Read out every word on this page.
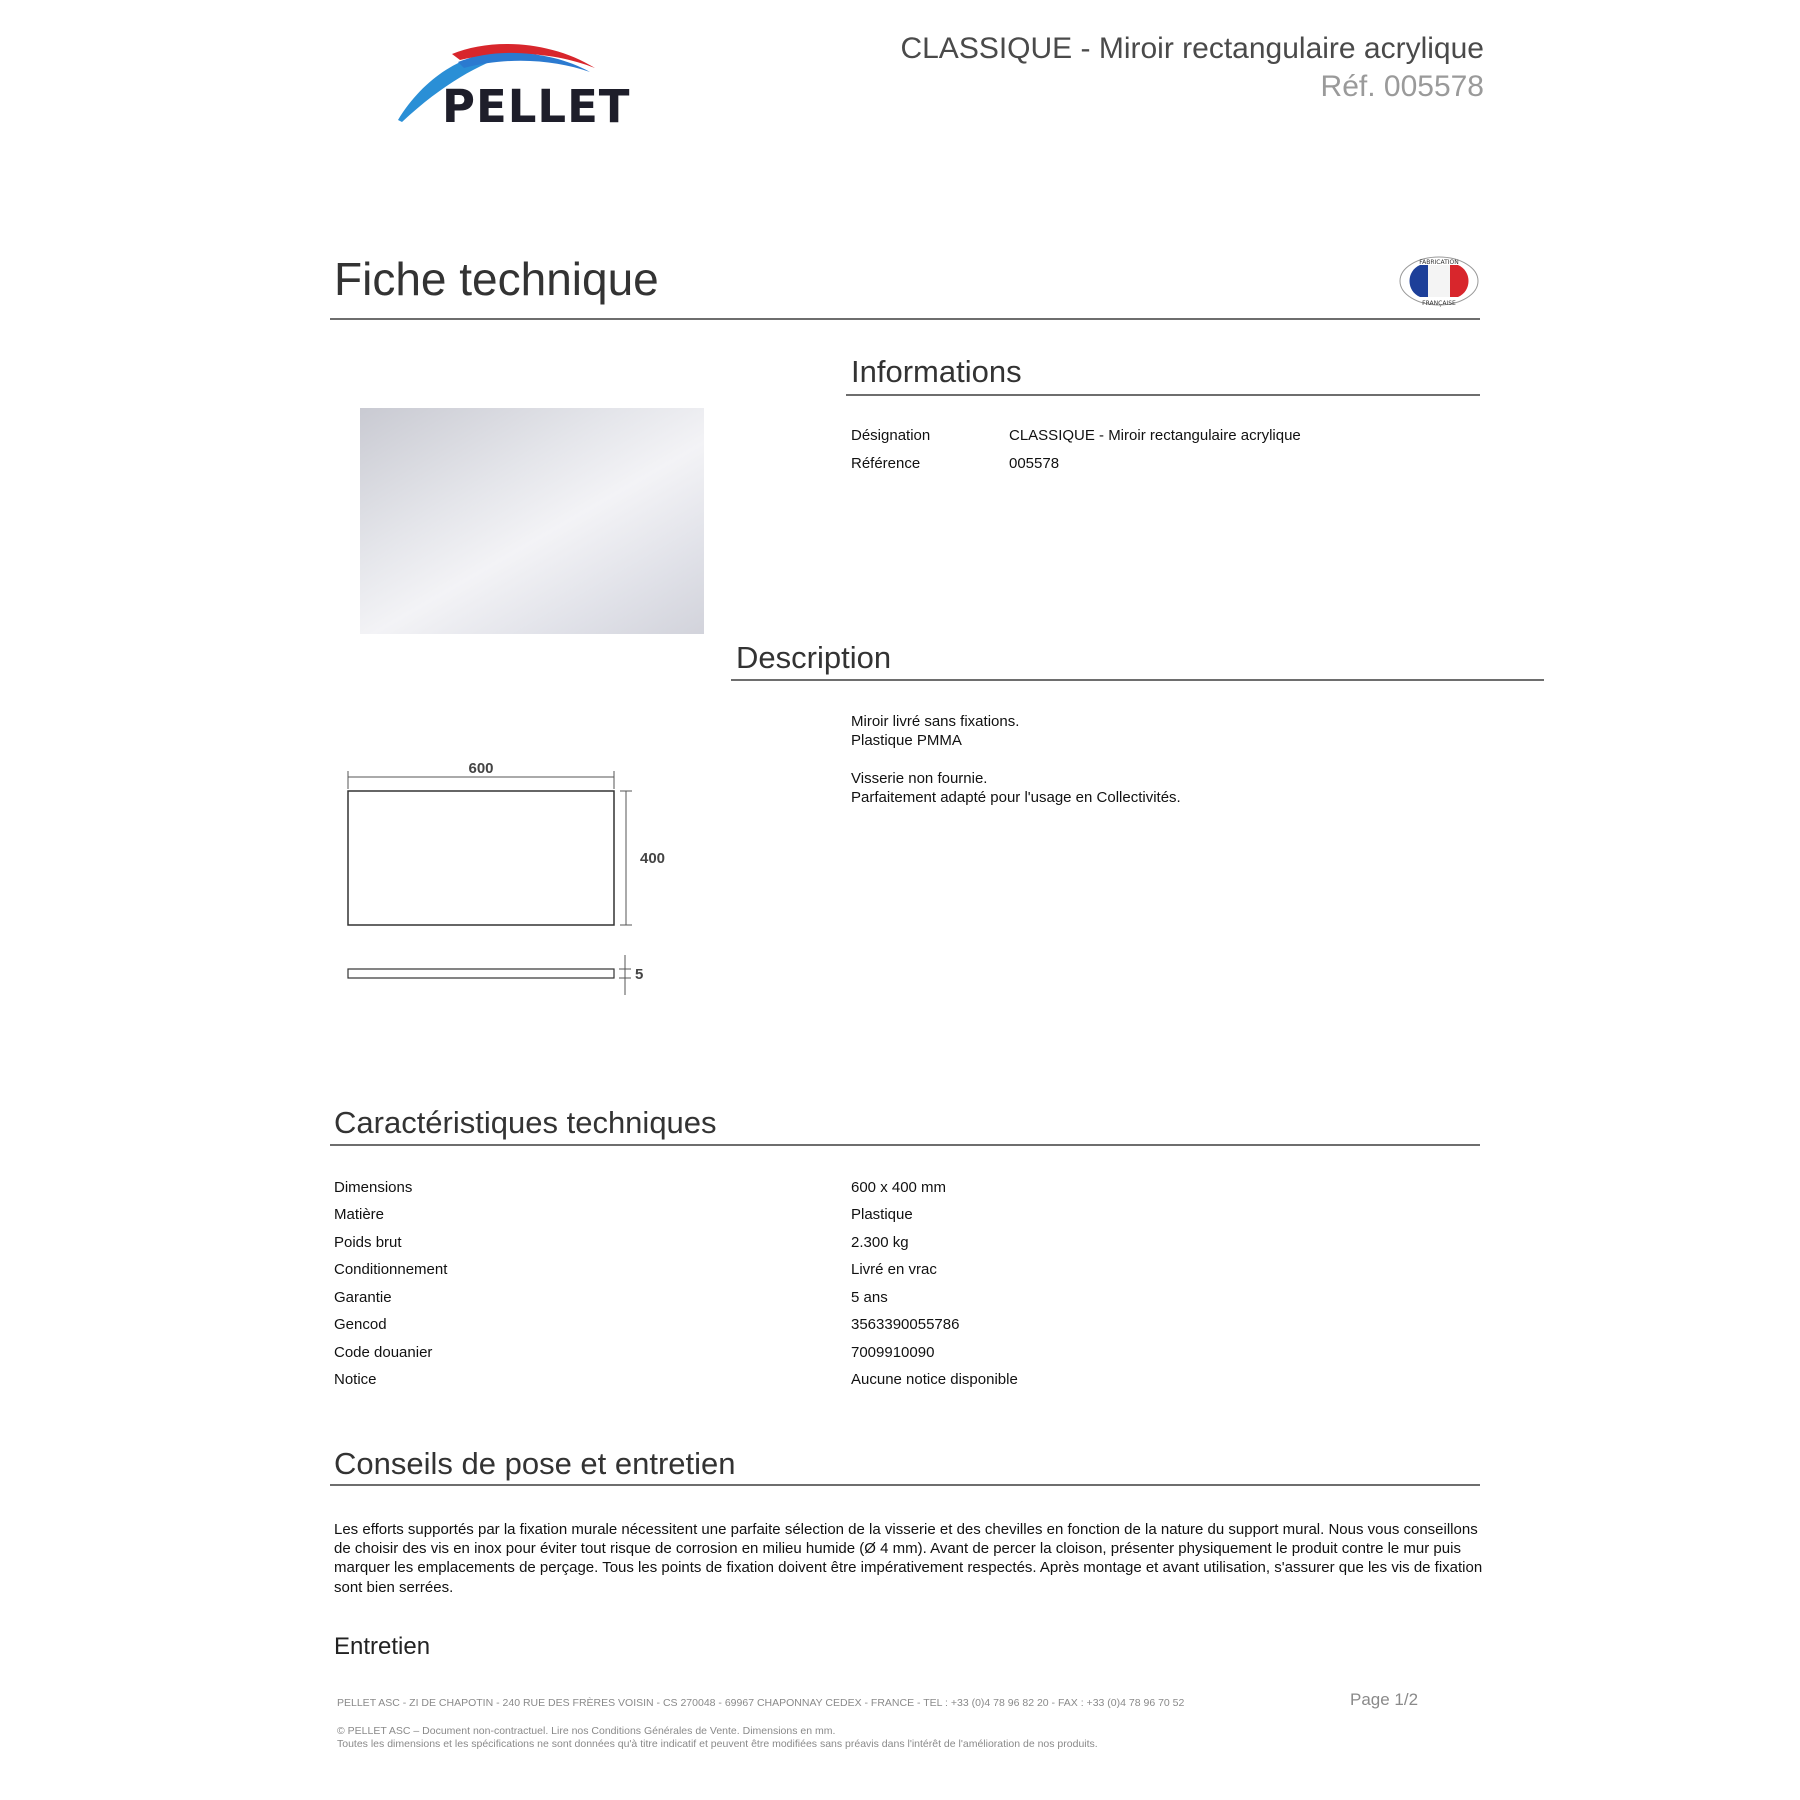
PELLET
CLASSIQUE - Miroir rectangulaire acrylique
Réf. 005578
Fiche technique	FABRICATION
FRANÇAISE
Informations
Désignation	CLASSIQUE - Miroir rectangulaire acrylique
Référence	005578
600
400
5
Description
Miroir livré sans fixations.
Plastique PMMA
Visserie non fournie.
Parfaitement adapté pour l'usage en Collectivités.
Caractéristiques techniques
Dimensions	600 x 400 mm
Matière	Plastique
Poids brut	2.300 kg
Conditionnement	Livré en vrac
Garantie	5 ans
Gencod	3563390055786
Code douanier	7009910090
Notice	Aucune notice disponible
Conseils de pose et entretien
Les efforts supportés par la fixation murale nécessitent une parfaite sélection de la visserie et des chevilles en fonction de la nature du support mural. Nous vous conseillons de choisir des vis en inox pour éviter tout risque de corrosion en milieu humide (Ø 4 mm). Avant de percer la cloison, présenter physiquement le produit contre le mur puis marquer les emplacements de perçage. Tous les points de fixation doivent être impérativement respectés. Après montage et avant utilisation, s'assurer que les vis de fixation sont bien serrées.
Entretien
PELLET ASC - ZI DE CHAPOTIN - 240 RUE DES FRÈRES VOISIN - CS 270048 - 69967 CHAPONNAY CEDEX - FRANCE - TEL : +33 (0)4 78 96 82 20 - FAX : +33 (0)4 78 96 70 52	Page 1/2
© PELLET ASC – Document non-contractuel. Lire nos Conditions Générales de Vente. Dimensions en mm.
Toutes les dimensions et les spécifications ne sont données qu'à titre indicatif et peuvent être modifiées sans préavis dans l'intérêt de l'amélioration de nos produits.
